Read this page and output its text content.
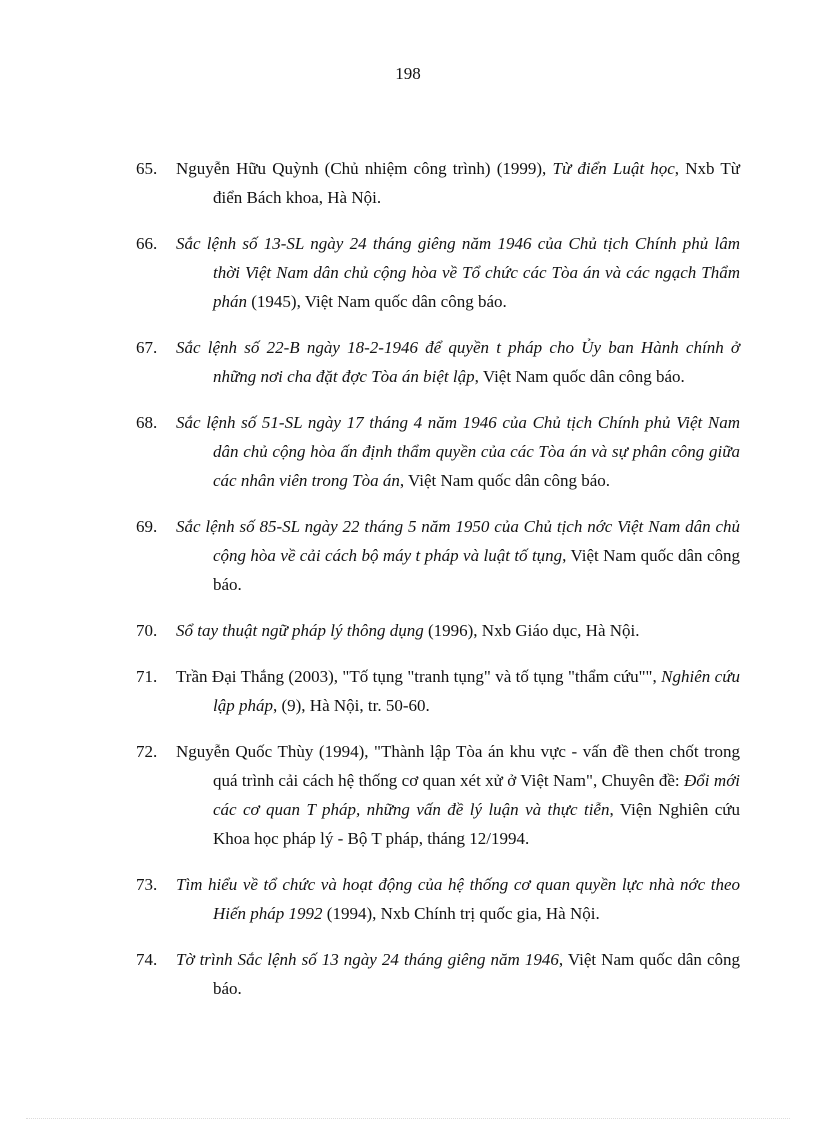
198

65. Nguyễn Hữu Quỳnh (Chủ nhiệm công trình) (1999), Từ điển Luật học, Nxb Từ điển Bách khoa, Hà Nội.

66. Sắc lệnh số 13-SL ngày 24 tháng giêng năm 1946 của Chủ tịch Chính phủ lâm thời Việt Nam dân chủ cộng hòa về Tổ chức các Tòa án và các ngạch Thẩm phán (1945), Việt Nam quốc dân công báo.

67. Sắc lệnh số 22-B ngày 18-2-1946 để quyền t pháp cho Ủy ban Hành chính ở những nơi cha đặt đợc Tòa án biệt lập, Việt Nam quốc dân công báo.

68. Sắc lệnh số 51-SL ngày 17 tháng 4 năm 1946 của Chủ tịch Chính phủ Việt Nam dân chủ cộng hòa ấn định thẩm quyền của các Tòa án và sự phân công giữa các nhân viên trong Tòa án, Việt Nam quốc dân công báo.

69. Sắc lệnh số 85-SL ngày 22 tháng 5 năm 1950 của Chủ tịch nớc Việt Nam dân chủ cộng hòa về cải cách bộ máy t pháp và luật tố tụng, Việt Nam quốc dân công báo.

70. Sổ tay thuật ngữ pháp lý thông dụng (1996), Nxb Giáo dục, Hà Nội.

71. Trần Đại Thắng (2003), "Tố tụng "tranh tụng" và tố tụng "thẩm cứu"", Nghiên cứu lập pháp, (9), Hà Nội, tr. 50-60.

72. Nguyễn Quốc Thùy (1994), "Thành lập Tòa án khu vực - vấn đề then chốt trong quá trình cải cách hệ thống cơ quan xét xử ở Việt Nam", Chuyên đề: Đổi mới các cơ quan T pháp, những vấn đề lý luận và thực tiễn, Viện Nghiên cứu Khoa học pháp lý - Bộ T pháp, tháng 12/1994.

73. Tìm hiểu về tổ chức và hoạt động của hệ thống cơ quan quyền lực nhà nớc theo Hiến pháp 1992 (1994), Nxb Chính trị quốc gia, Hà Nội.

74. Tờ trình Sắc lệnh số 13 ngày 24 tháng giêng năm 1946, Việt Nam quốc dân công báo.
